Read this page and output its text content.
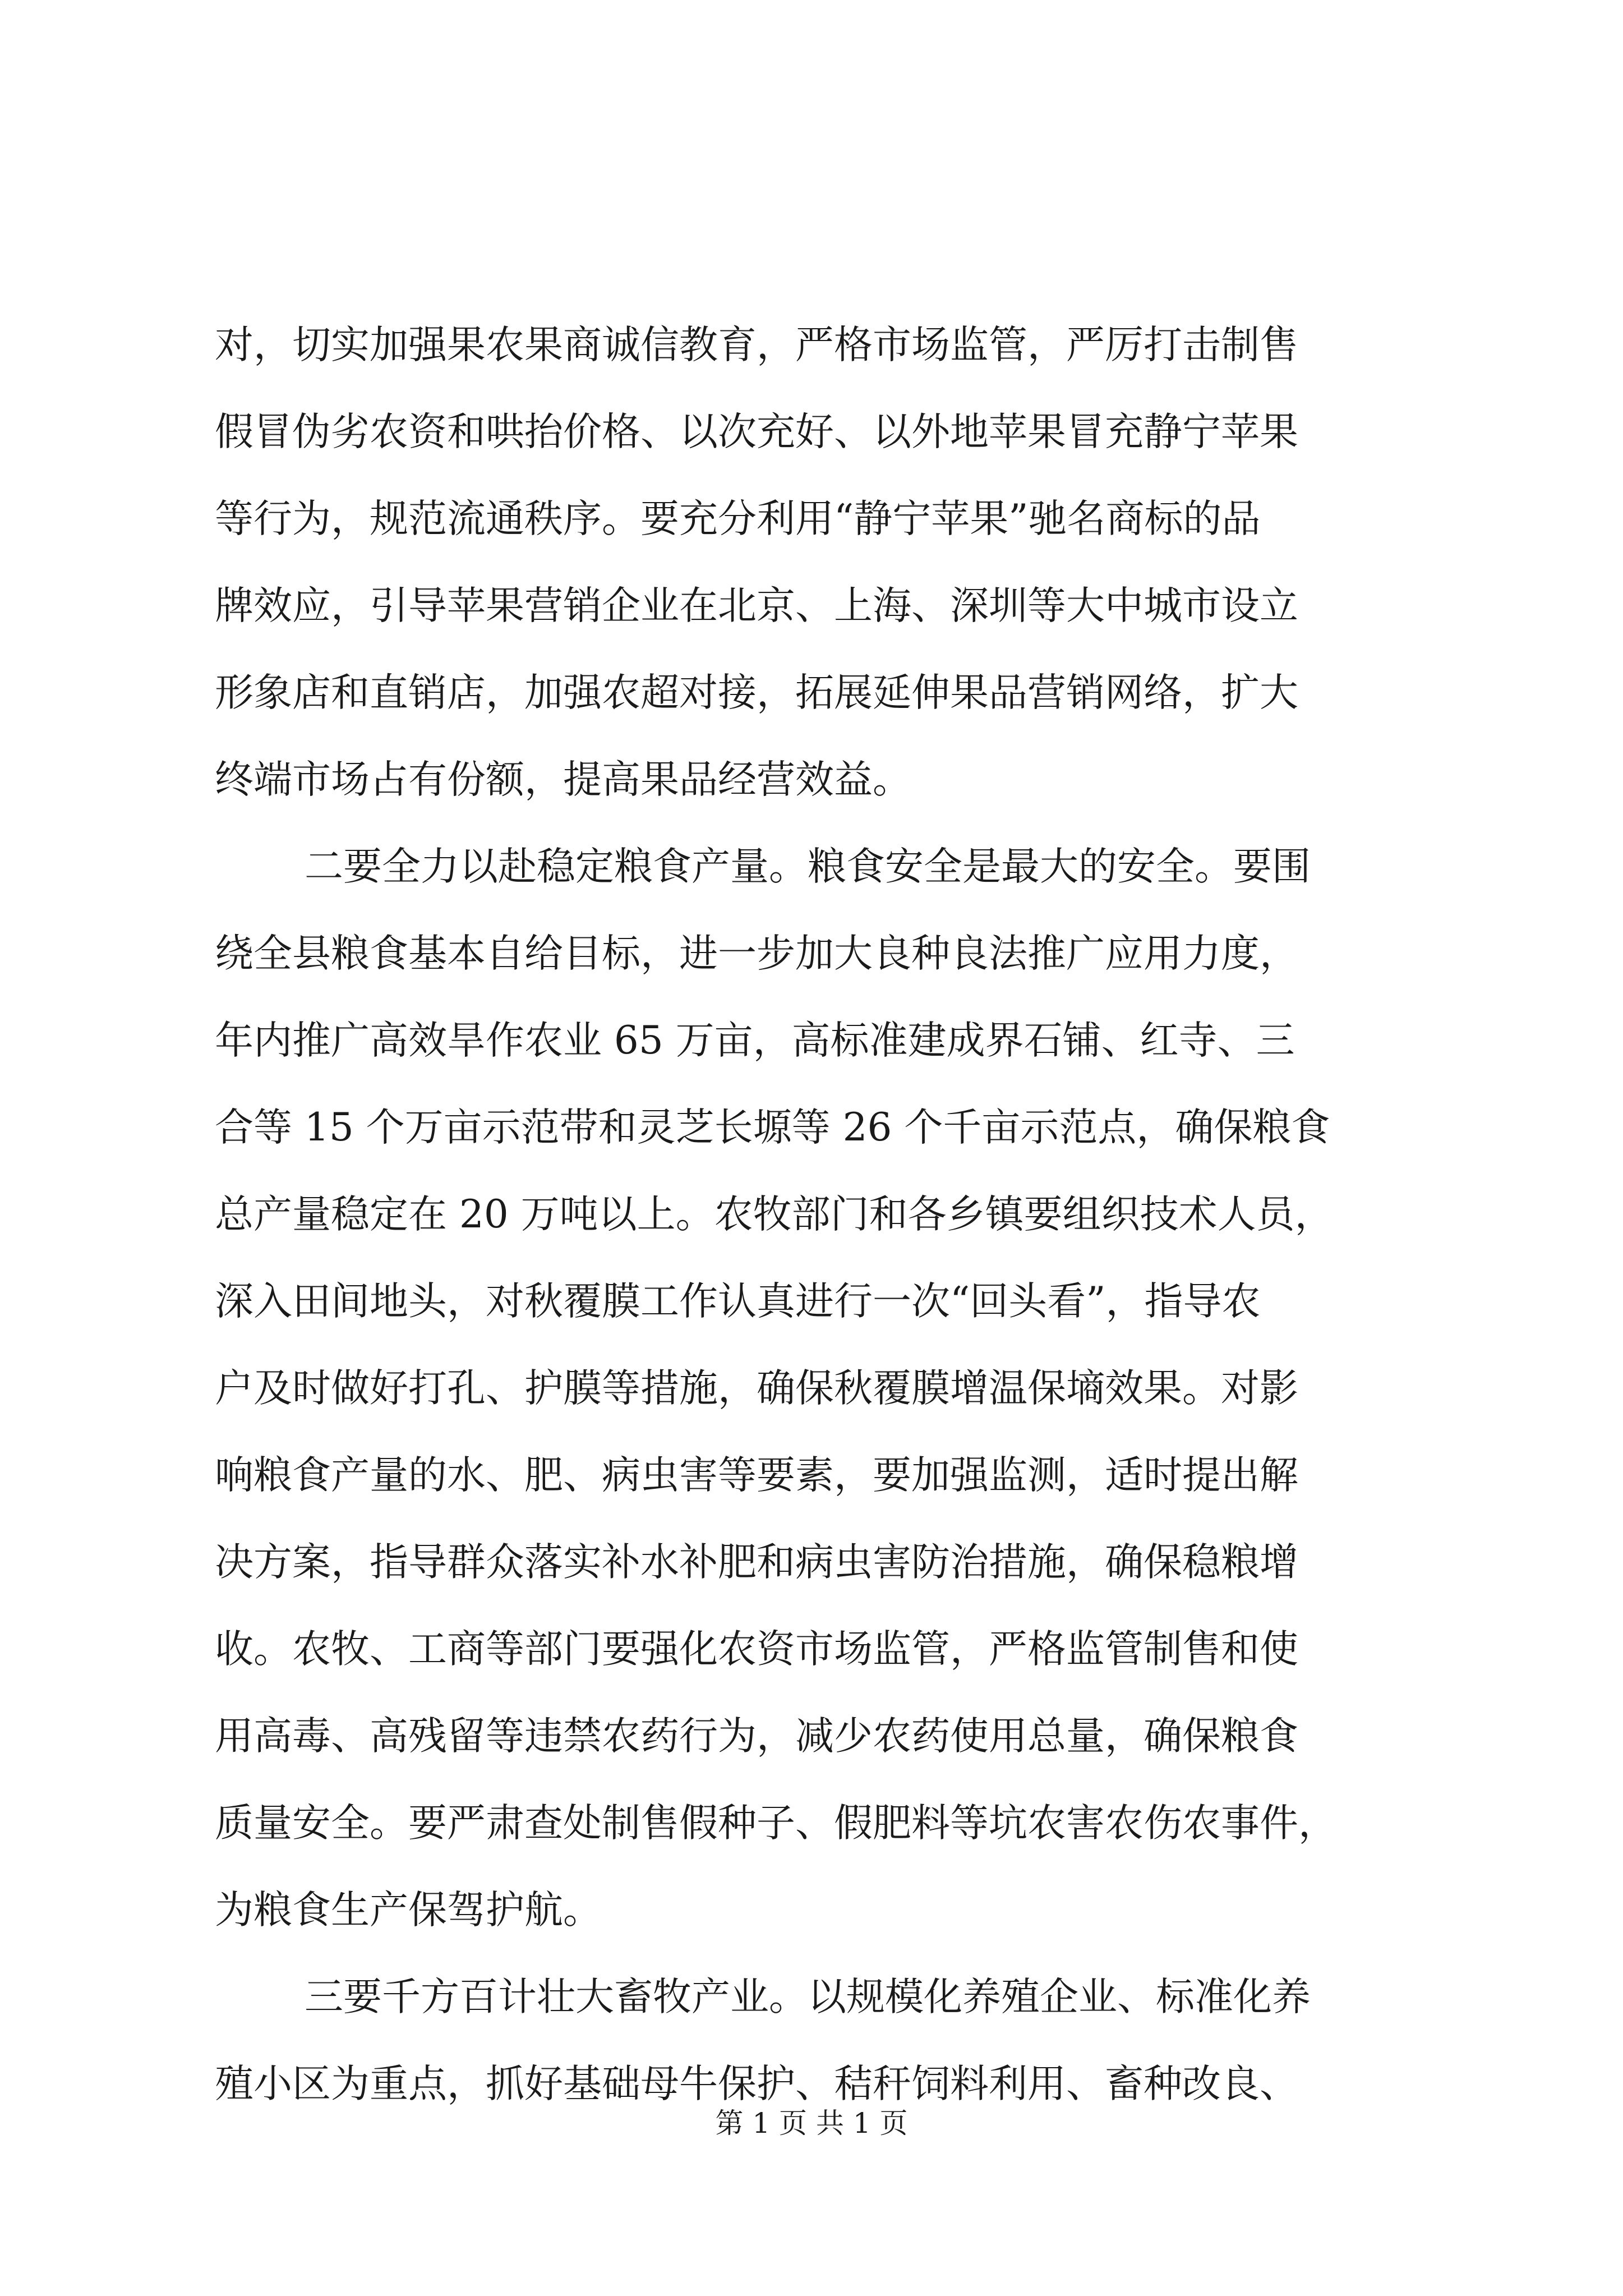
对，切实加强果农果商诚信教育，严格市场监管，严厉打击制售
假冒伪劣农资和哄抬价格、以次充好、以外地苹果冒充静宁苹果
等行为，规范流通秩序。要充分利用“静宁苹果”驰名商标的品
牌效应，引导苹果营销企业在北京、上海、深圳等大中城市设立
形象店和直销店，加强农超对接，拓展延伸果品营销网络，扩大
终端市场占有份额，提高果品经营效益。
二要全力以赴稳定粮食产量。粮食安全是最大的安全。要围
绕全县粮食基本自给目标，进一步加大良种良法推广应用力度，
年内推广高效旱作农业 65 万亩，高标准建成界石铺、红寺、三
合等 15 个万亩示范带和灵芝长塬等 26 个千亩示范点，确保粮食
总产量稳定在 20 万吨以上。农牧部门和各乡镇要组织技术人员，
深入田间地头，对秋覆膜工作认真进行一次“回头看”，指导农
户及时做好打孔、护膜等措施，确保秋覆膜增温保墒效果。对影
响粮食产量的水、肥、病虫害等要素，要加强监测，适时提出解
决方案，指导群众落实补水补肥和病虫害防治措施，确保稳粮增
收。农牧、工商等部门要强化农资市场监管，严格监管制售和使
用高毒、高残留等违禁农药行为，减少农药使用总量，确保粮食
质量安全。要严肃查处制售假种子、假肥料等坑农害农伤农事件，
为粮食生产保驾护航。
三要千方百计壮大畜牧产业。以规模化养殖企业、标准化养
殖小区为重点，抓好基础母牛保护、秸秆饲料利用、畜种改良、
第 1 页 共 1 页
